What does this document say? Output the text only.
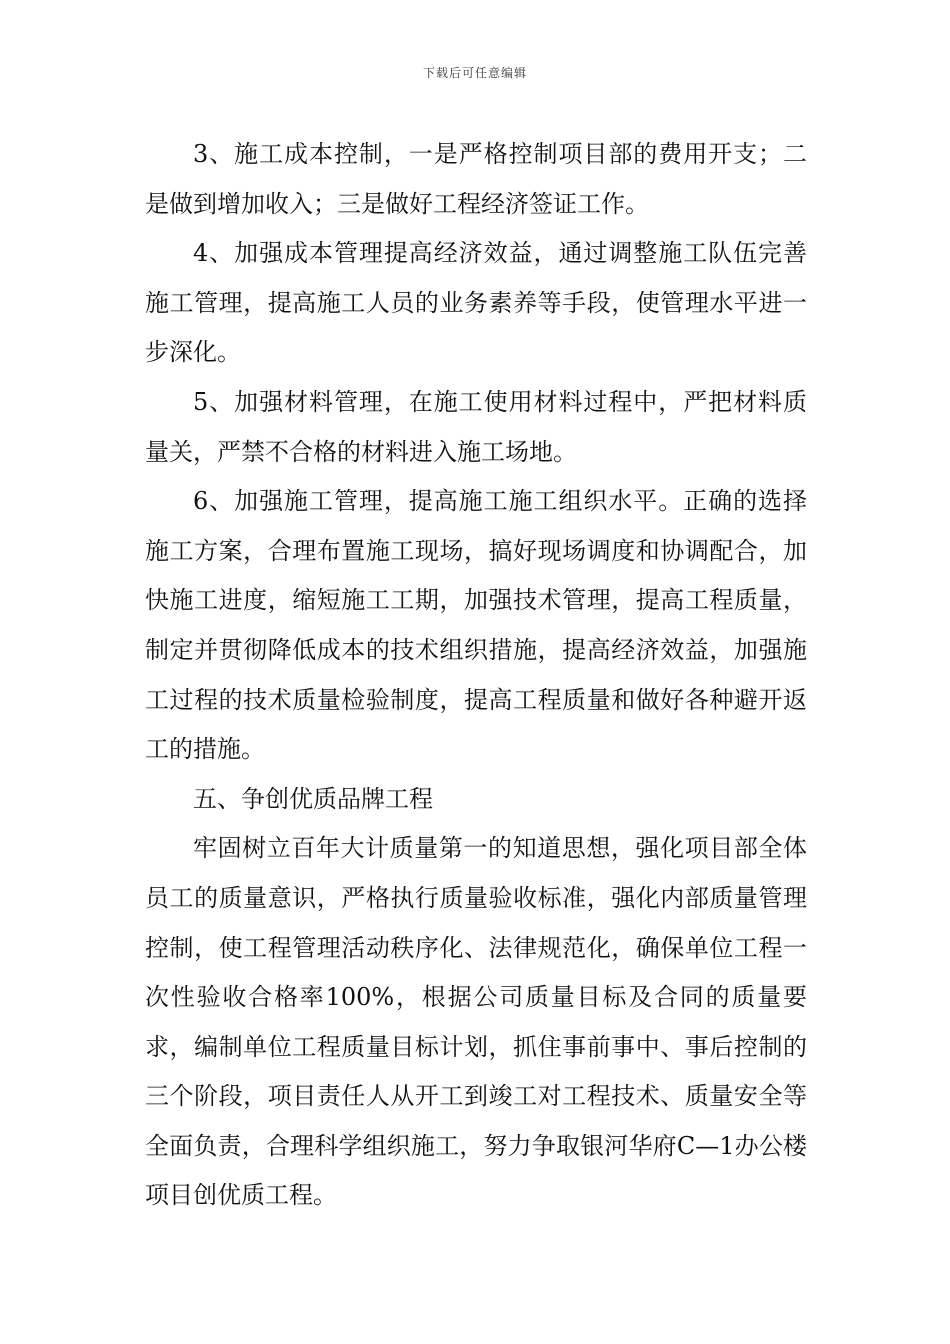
下载后可任意编辑

3、施工成本控制，一是严格控制项目部的费用开支；二是做到增加收入；三是做好工程经济签证工作。

4、加强成本管理提高经济效益，通过调整施工队伍完善施工管理，提高施工人员的业务素养等手段，使管理水平进一步深化。

5、加强材料管理，在施工使用材料过程中，严把材料质量关，严禁不合格的材料进入施工场地。

6、加强施工管理，提高施工施工组织水平。正确的选择施工方案，合理布置施工现场，搞好现场调度和协调配合，加快施工进度，缩短施工工期，加强技术管理，提高工程质量，制定并贯彻降低成本的技术组织措施，提高经济效益，加强施工过程的技术质量检验制度，提高工程质量和做好各种避开返工的措施。

五、争创优质品牌工程

牢固树立百年大计质量第一的知道思想，强化项目部全体员工的质量意识，严格执行质量验收标准，强化内部质量管理控制，使工程管理活动秩序化、法律规范化，确保单位工程一次性验收合格率100%，根据公司质量目标及合同的质量要求，编制单位工程质量目标计划，抓住事前事中、事后控制的三个阶段，项目责任人从开工到竣工对工程技术、质量安全等全面负责，合理科学组织施工，努力争取银河华府C—1办公楼项目创优质工程。
